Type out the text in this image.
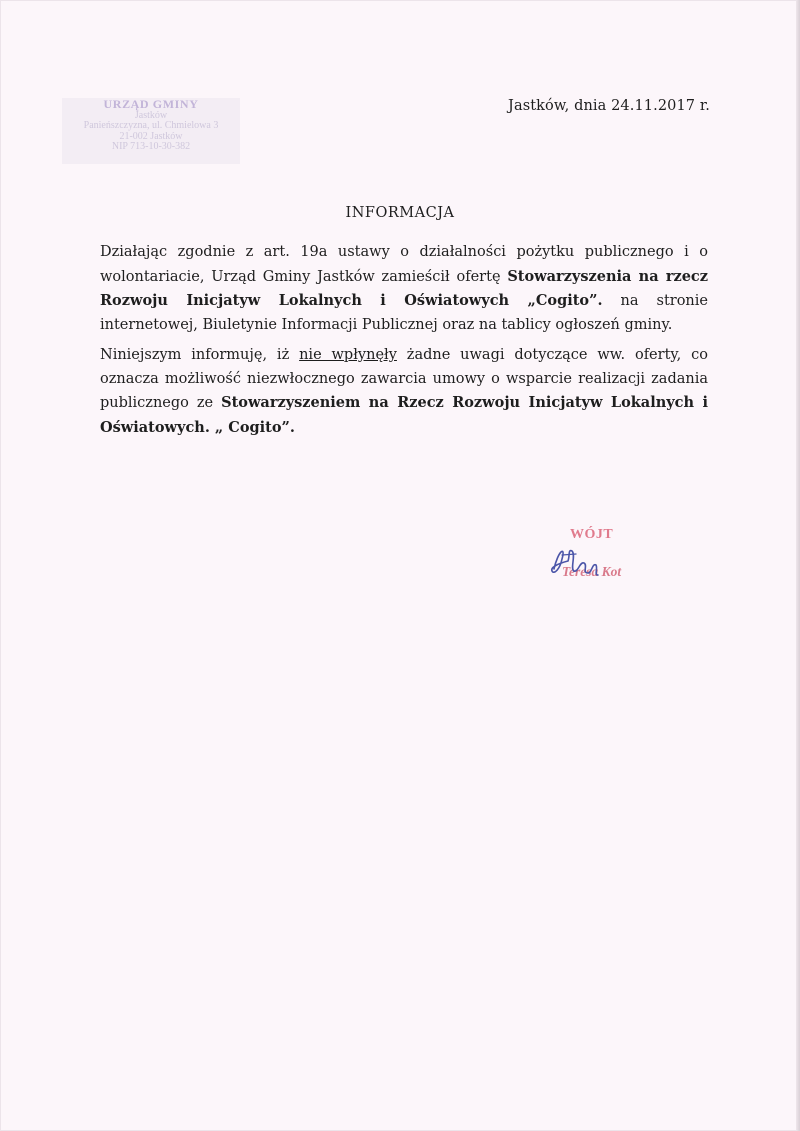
URZĄD GMINY
Jastków
Panieńszczyzna, ul. Chmielowa 3
21-002 Jastków
NIP 713-10-30-382
Jastków, dnia 24.11.2017 r.
INFORMACJA
Działając zgodnie z art. 19a ustawy o działalności pożytku publicznego i o wolontariacie, Urząd Gminy Jastków zamieścił ofertę Stowarzyszenia na rzecz Rozwoju Inicjatyw Lokalnych i Oświatowych „Cogito”. na stronie internetowej, Biuletynie Informacji Publicznej oraz na tablicy ogłoszeń gminy.
Niniejszym informuję, iż nie wpłynęły żadne uwagi dotyczące ww. oferty, co oznacza możliwość niezwłocznego zawarcia umowy o wsparcie realizacji zadania publicznego ze Stowarzyszeniem na Rzecz Rozwoju Inicjatyw Lokalnych i Oświatowych. „ Cogito”.
WÓJT
Teresa Kot
